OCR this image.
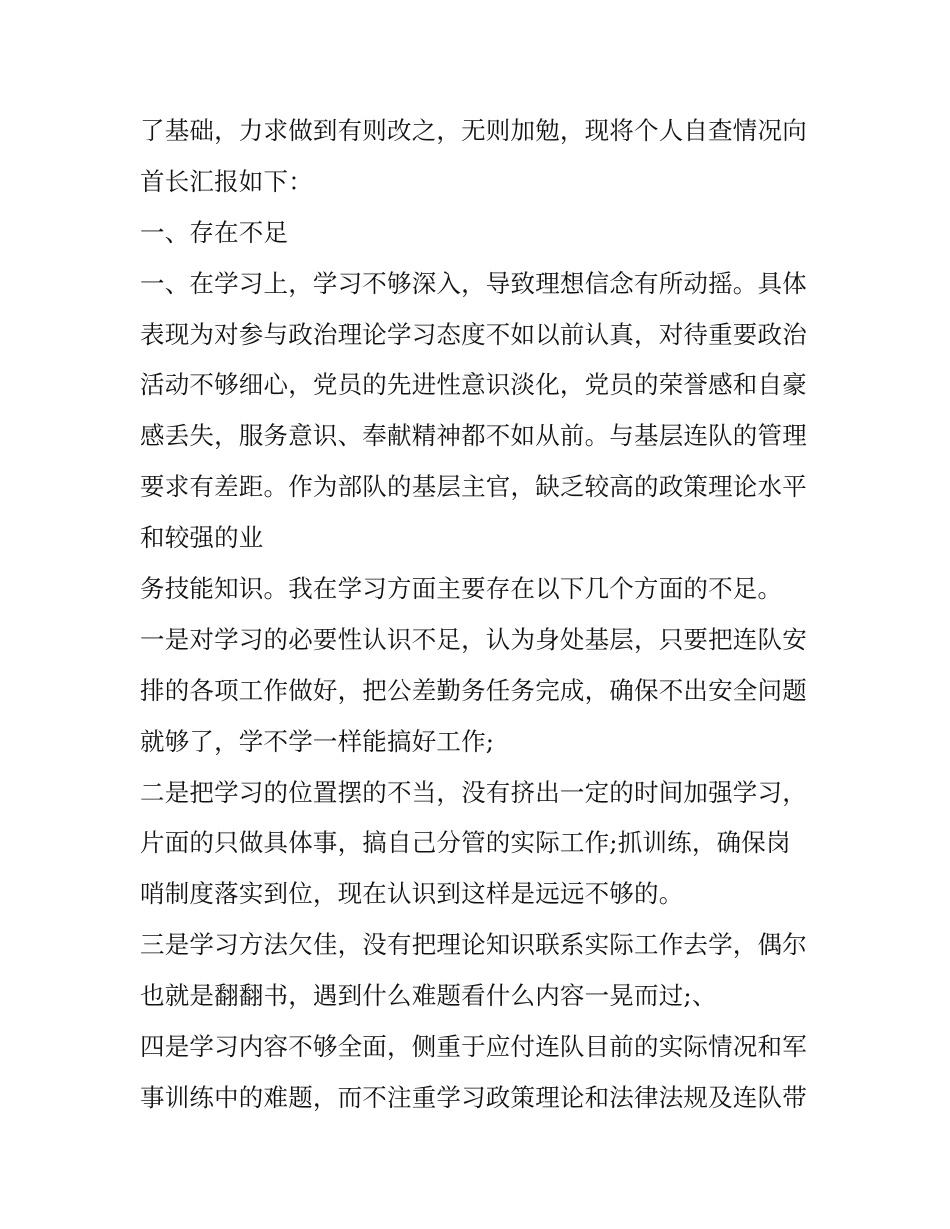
了基础，力求做到有则改之，无则加勉，现将个人自查情况向
首长汇报如下：
一、存在不足
一、在学习上，学习不够深入，导致理想信念有所动摇。具体
表现为对参与政治理论学习态度不如以前认真，对待重要政治
活动不够细心，党员的先进性意识淡化，党员的荣誉感和自豪
感丢失，服务意识、奉献精神都不如从前。与基层连队的管理
要求有差距。作为部队的基层主官，缺乏较高的政策理论水平
和较强的业
务技能知识。我在学习方面主要存在以下几个方面的不足。
一是对学习的必要性认识不足，认为身处基层，只要把连队安
排的各项工作做好，把公差勤务任务完成，确保不出安全问题
就够了，学不学一样能搞好工作;
二是把学习的位置摆的不当，没有挤出一定的时间加强学习，
片面的只做具体事，搞自己分管的实际工作;抓训练，确保岗
哨制度落实到位，现在认识到这样是远远不够的。
三是学习方法欠佳，没有把理论知识联系实际工作去学，偶尔
也就是翻翻书，遇到什么难题看什么内容一晃而过;、
四是学习内容不够全面，侧重于应付连队目前的实际情况和军
事训练中的难题，而不注重学习政策理论和法律法规及连队带
